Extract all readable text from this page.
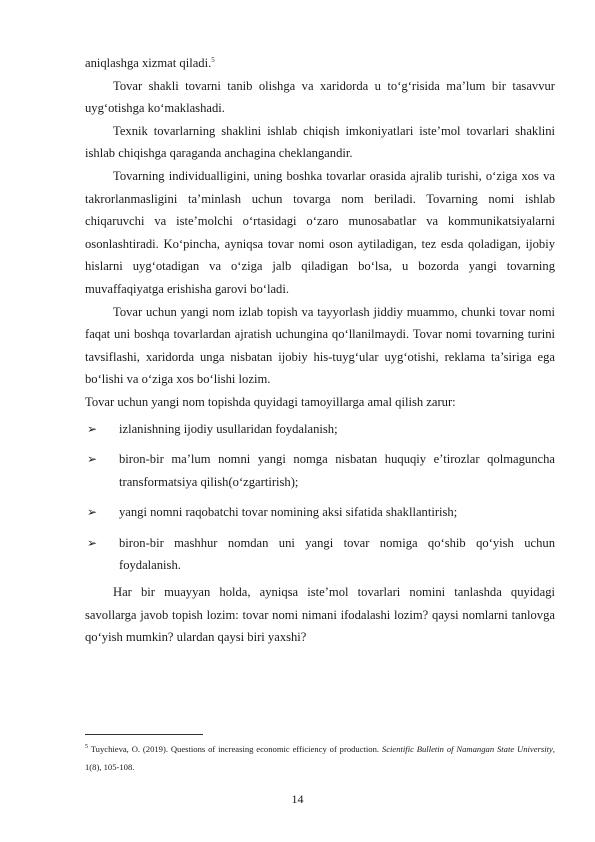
aniqlashga xizmat qiladi.$^5$

Tovar shakli tovarni tanib olishga va xaridorda u to‘g‘risida ma’lum bir tasavvur uyg‘otishga ko‘maklashadi.

Texnik tovarlarning shaklini ishlab chiqish imkoniyatlari iste’mol tovarlari shaklini ishlab chiqishga qaraganda anchagina cheklangandir.

Tovarning individualligini, uning boshka tovarlar orasida ajralib turishi, o‘ziga xos va takrorlanmasligini ta’minlash uchun tovarga nom beriladi. Tovarning nomi ishlab chiqaruvchi va iste’molchi o‘rtasidagi o‘zaro munosabatlar va kommunikatsiyalarni osonlashtiradi. Ko‘pincha, ayniqsa tovar nomi oson aytiladigan, tez esda qoladigan, ijobiy hislarni uyg‘otadigan va o‘ziga jalb qiladigan bo‘lsa, u bozorda yangi tovarning muvaffaqiyatga erishisha garovi bo‘ladi.

Tovar uchun yangi nom izlab topish va tayyorlash jiddiy muammo, chunki tovar nomi faqat uni boshqa tovarlardan ajratish uchungina qo‘llanilmaydi. Tovar nomi tovarning turini tavsiflashi, xaridorda unga nisbatan ijobiy his-tuyg‘ular uyg‘otishi, reklama ta’siriga ega bo‘lishi va o‘ziga xos bo‘lishi lozim.

Tovar uchun yangi nom topishda quyidagi tamoyillarga amal qilish zarur:

➢ izlanishning ijodiy usullaridan foydalanish;
➢ biron-bir ma’lum nomni yangi nomga nisbatan huquqiy e’tirozlar qolmaguncha transformatsiya qilish(o‘zgartirish);
➢ yangi nomni raqobatchi tovar nomining aksi sifatida shakllantirish;
➢ biron-bir mashhur nomdan uni yangi tovar nomiga qo‘shib qo‘yish uchun foydalanish.

Har bir muayyan holda, ayniqsa iste’mol tovarlari nomini tanlashda quyidagi savollarga javob topish lozim: tovar nomi nimani ifodalashi lozim? qaysi nomlarni tanlovga qo‘yish mumkin? ulardan qaysi biri yaxshi?

$^5$ Tuychieva, O. (2019). Questions of increasing economic efficiency of production. Scientific Bulletin of Namangan State University, 1(8), 105-108.
14
